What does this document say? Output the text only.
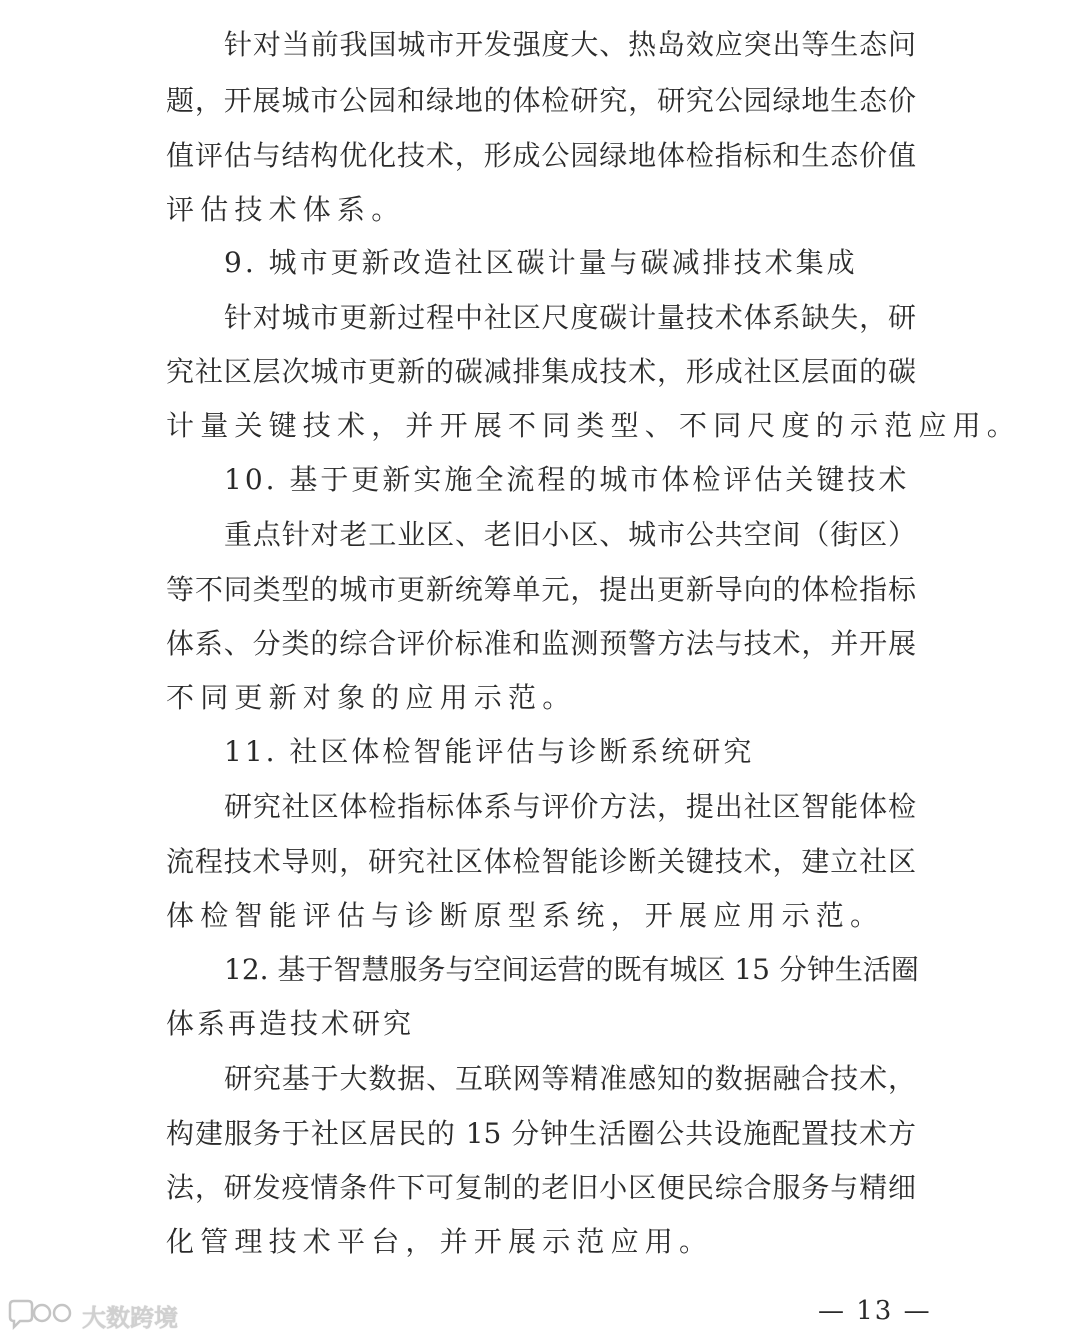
针对当前我国城市开发强度大、热岛效应突出等生态问
题，开展城市公园和绿地的体检研究，研究公园绿地生态价
值评估与结构优化技术，形成公园绿地体检指标和生态价值
评估技术体系。
9. 城市更新改造社区碳计量与碳减排技术集成
针对城市更新过程中社区尺度碳计量技术体系缺失，研
究社区层次城市更新的碳减排集成技术，形成社区层面的碳
计量关键技术，并开展不同类型、不同尺度的示范应用。
10. 基于更新实施全流程的城市体检评估关键技术
重点针对老工业区、老旧小区、城市公共空间（街区）
等不同类型的城市更新统筹单元，提出更新导向的体检指标
体系、分类的综合评价标准和监测预警方法与技术，并开展
不同更新对象的应用示范。
11. 社区体检智能评估与诊断系统研究
研究社区体检指标体系与评价方法，提出社区智能体检
流程技术导则，研究社区体检智能诊断关键技术，建立社区
体检智能评估与诊断原型系统，开展应用示范。
12. 基于智慧服务与空间运营的既有城区 15 分钟生活圈
体系再造技术研究
研究基于大数据、互联网等精准感知的数据融合技术，
构建服务于社区居民的 15 分钟生活圈公共设施配置技术方
法，研发疫情条件下可复制的老旧小区便民综合服务与精细
化管理技术平台，并开展示范应用。
— 13 —
大数跨境
